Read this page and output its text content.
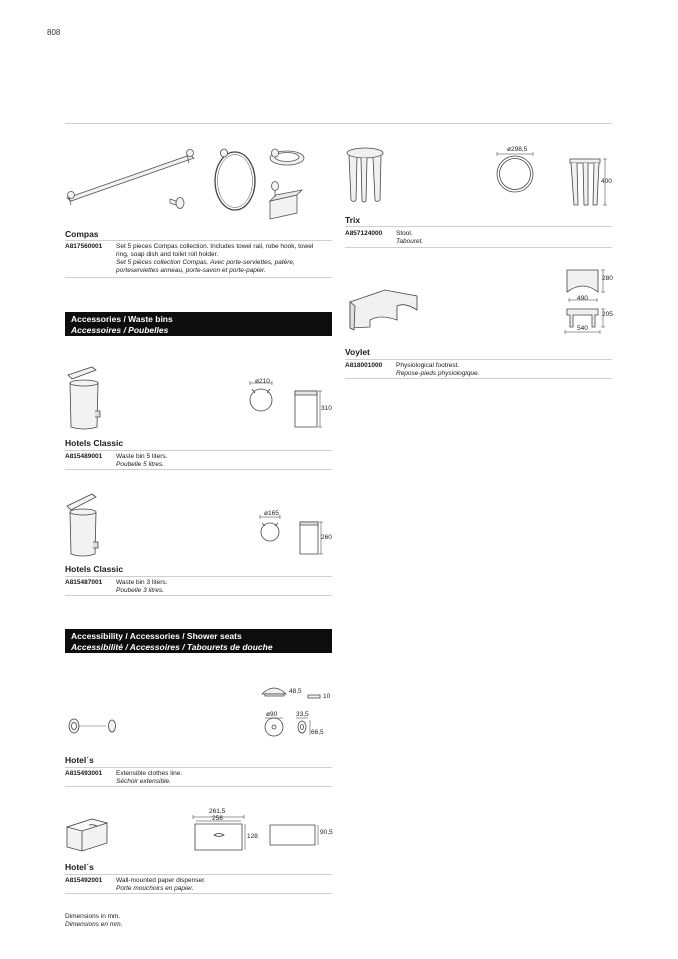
808
Compas
A817560001 Set 5 pieces Compas collection. Includes towel rail, robe hook, towel ring, soap dish and toilet roll holder.
Set 5 pièces collection Compas. Avec porte-serviettes, patère, porteserviettes anneau, porte-savon et porte-papier.
ø298,5
400
Trix
A857124000 Stool.
Tabouret.
280
490
205
540
Voylet
A818001000 Physiological footrest.
Repose-pieds physiologique.
Accessories / Waste bins
Accessoires / Poubelles
ø210
310
Hotels Classic
A815489001 Waste bin 5 liters.
Poubelle 5 litres.
ø165
260
Hotels Classic
A815487001 Waste bin 3 liters.
Poubelle 3 litres.
Accessibility / Accessories / Shower seats
Accessibilité / Accessoires / Tabourets de douche
48,5
10
ø90	33,5
66,5
Hotel´s
A815493001 Extensible clothes line.
Séchoir extensible.
261,5
258
128
90,5
Hotel´s
A815492001 Wall-mounted paper dispenser.
Porte mouchoirs en papier.
Dimensions in mm.
Dimensions en mm.
